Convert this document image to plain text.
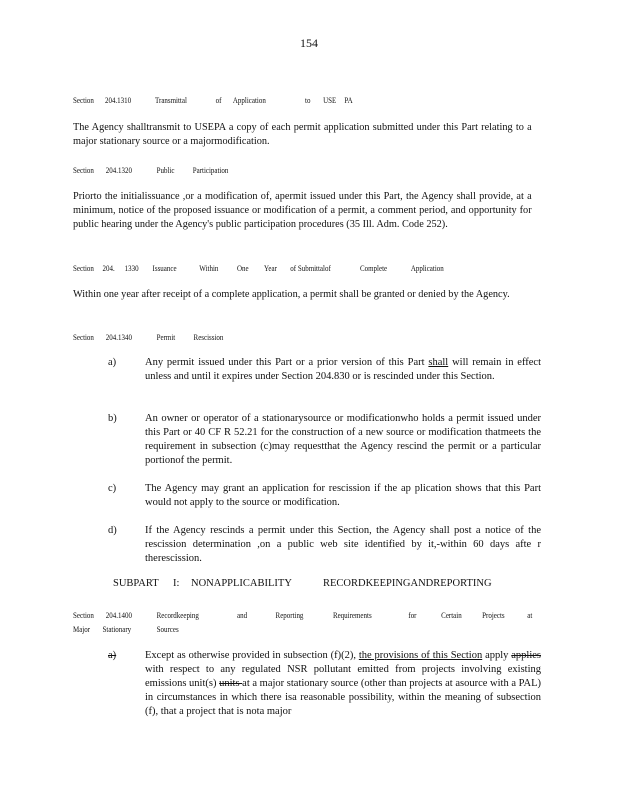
154
Section 204.1310	Transmittal	of Application	to USE PA
The Agency shalltransmit to USEPA a copy of each permit application submitted under this Part relating to a major stationary source or a majormodification.
Section 204.1320	Public Participation
Priorto the initialissuance ,or a modification of, apermit issued under this Part, the Agency shall provide, at a minimum, notice of the proposed issuance or modification of a permit, a comment period, and opportunity for public hearing under the Agency's public participation procedures (35 Ill. Adm. Code 252).
Section 204. 1330 Issuance	Within One Year of Submittalof	Complete	Application
Within one year after receipt of a complete application, a permit shall be granted or denied by the Agency.
Section 204.1340	Permit Rescission
a)	Any permit issued under this Part or a prior version of this Part shall will remain in effect unless and until it expires under Section 204.830 or is rescinded under this Section.
b)	An owner or operator of a stationarysource or modificationwho holds a permit issued under this Part or 40 CF R 52.21 for the construction of a new source or modification thatmeets the requirement in subsection (c)may requestthat the Agency rescind the permit or a particular portionof the permit.
c)	The Agency may grant an application for rescission if the ap plication shows that this Part would not apply to the source or modification.
d)	If the Agency rescinds a permit under this Section, the Agency shall post a notice of the rescission determination ,on a public web site identified by it,-within 60 days afte r therescission.
SUBPART I: NONAPPLICABILITY	RECORDKEEPINGANDREPORTING
Section 204.1400	Recordkeeping	and	Reporting	Requirements	for	Certain Projects	at
Major Stationary	Sources
a)	Except as otherwise provided in subsection (f)(2), the provisions of this Section apply applies with respect to any regulated NSR pollutant emitted from projects involving existing emissions unit(s) units at a major stationary source (other than projects at asource with a PAL) in circumstances in which there isa reasonable possibility, within the meaning of subsection (f), that a project that is nota major
